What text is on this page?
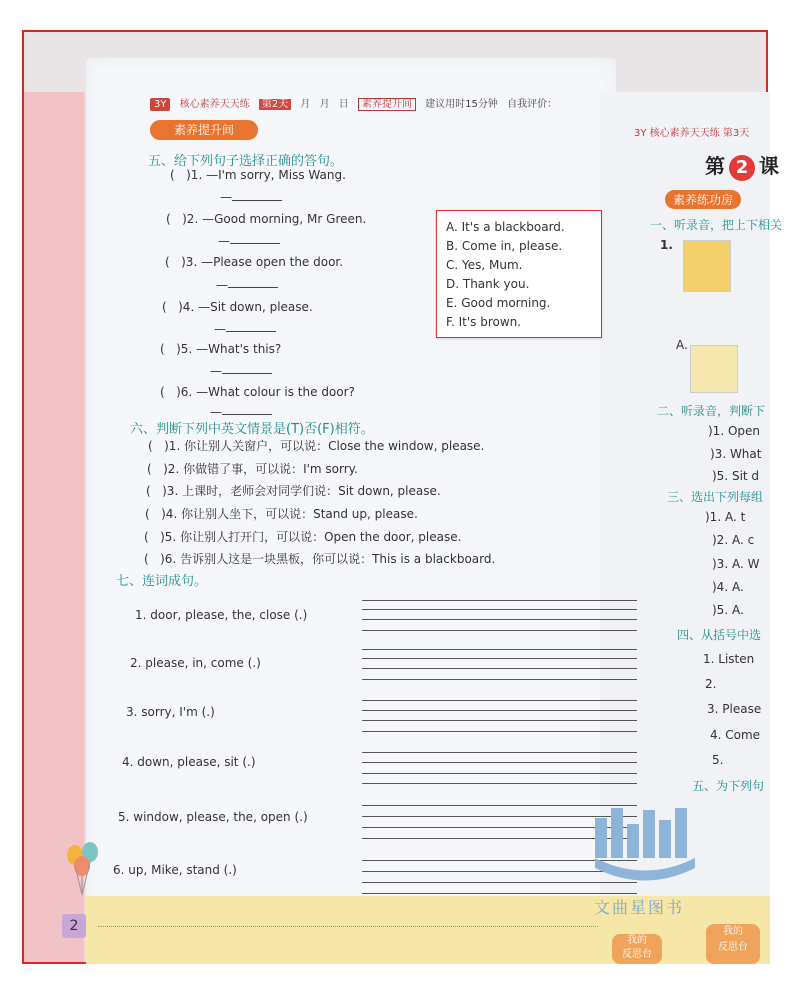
3Y 核心素养天天练 第2天 月 月 日 素养提升间 建议用时15分钟 自我评价：
素养提升间
五、给下列句子选择正确的答句。
(   )1. —I'm sorry, Miss Wang.
—
(   )2. —Good morning, Mr Green.
—
(   )3. —Please open the door.
—
(   )4. —Sit down, please.
—
(   )5. —What's this?
—
(   )6. —What colour is the door?
—
A. It's a blackboard.
B. Come in, please.
C. Yes, Mum.
D. Thank you.
E. Good morning.
F. It's brown.
六、判断下列中英文情景是(T)否(F)相符。
(   )1. 你让别人关窗户，可以说：Close the window, please.
(   )2. 你做错了事，可以说：I'm sorry.
(   )3. 上课时，老师会对同学们说：Sit down, please.
(   )4. 你让别人坐下，可以说：Stand up, please.
(   )5. 你让别人打开门，可以说：Open the door, please.
(   )6. 告诉别人这是一块黑板，你可以说：This is a blackboard.
七、连词成句。
1. door, please, the, close (.)
2. please, in, come (.)
3. sorry, I'm (.)
4. down, please, sit (.)
5. window, please, the, open (.)
6. up, Mike, stand (.)
2
3Y 核心素养天天练 第3天
第 2 课
素养练功房
一、听录音，把上下相关
1.
A.
二、听录音，判断下
)1. Open
)3. What
)5. Sit d
三、选出下列每组
)1. A. t
)2. A. c
)3. A. W
)4. A.
)5. A.
四、从括号中选
1. Listen
2.
3. Please
4. Come
5.
五、为下列句
文曲星图书
我的
反思台
我的
反思台
